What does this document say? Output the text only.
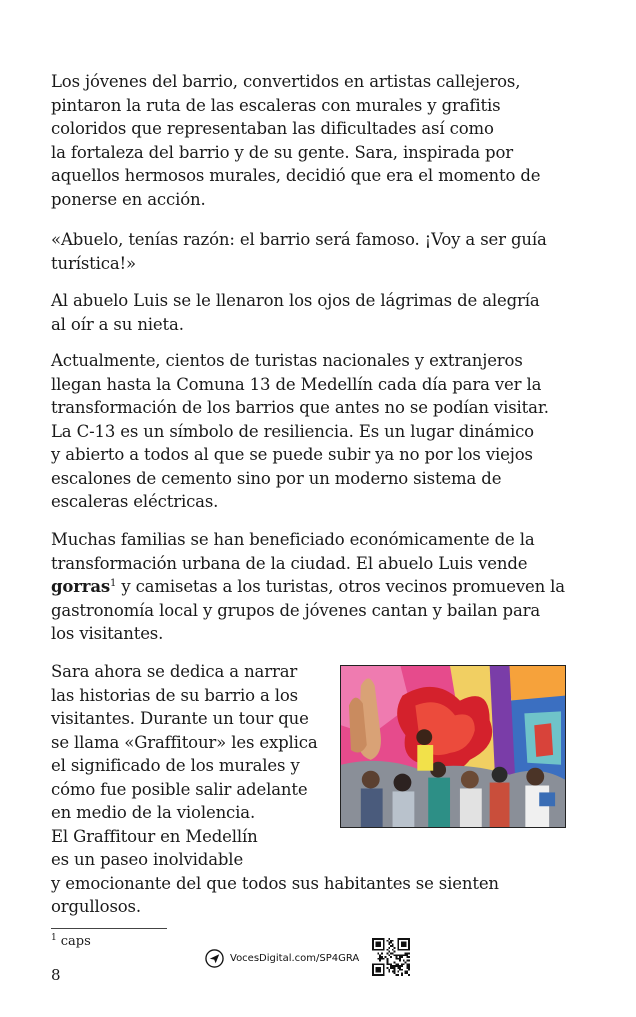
Los jóvenes del barrio, convertidos en artistas callejeros,
pintaron la ruta de las escaleras con murales y grafitis
coloridos que representaban las dificultades así como
la fortaleza del barrio y de su gente. Sara, inspirada por
aquellos hermosos murales, decidió que era el momento de
ponerse en acción.

«Abuelo, tenías razón: el barrio será famoso. ¡Voy a ser guía
turística!»

Al abuelo Luis se le llenaron los ojos de lágrimas de alegría
al oír a su nieta.

Actualmente, cientos de turistas nacionales y extranjeros
llegan hasta la Comuna 13 de Medellín cada día para ver la
transformación de los barrios que antes no se podían visitar.
La C-13 es un símbolo de resiliencia. Es un lugar dinámico
y abierto a todos al que se puede subir ya no por los viejos
escalones de cemento sino por un moderno sistema de
escaleras eléctricas.

Muchas familias se han beneficiado económicamente de la
transformación urbana de la ciudad. El abuelo Luis vende
gorras$^1$ y camisetas a los turistas, otros vecinos promueven la
gastronomía local y grupos de jóvenes cantan y bailan para
los visitantes.

Sara ahora se dedica a narrar
las historias de su barrio a los
visitantes. Durante un tour que
se llama «Graffitour» les explica
el significado de los murales y
cómo fue posible salir adelante
en medio de la violencia.
El Graffitour en Medellín
es un paseo inolvidable
y emocionante del que todos sus habitantes se sienten
orgullosos.

$^1$ caps
8
VocesDigital.com/SP4GRA
